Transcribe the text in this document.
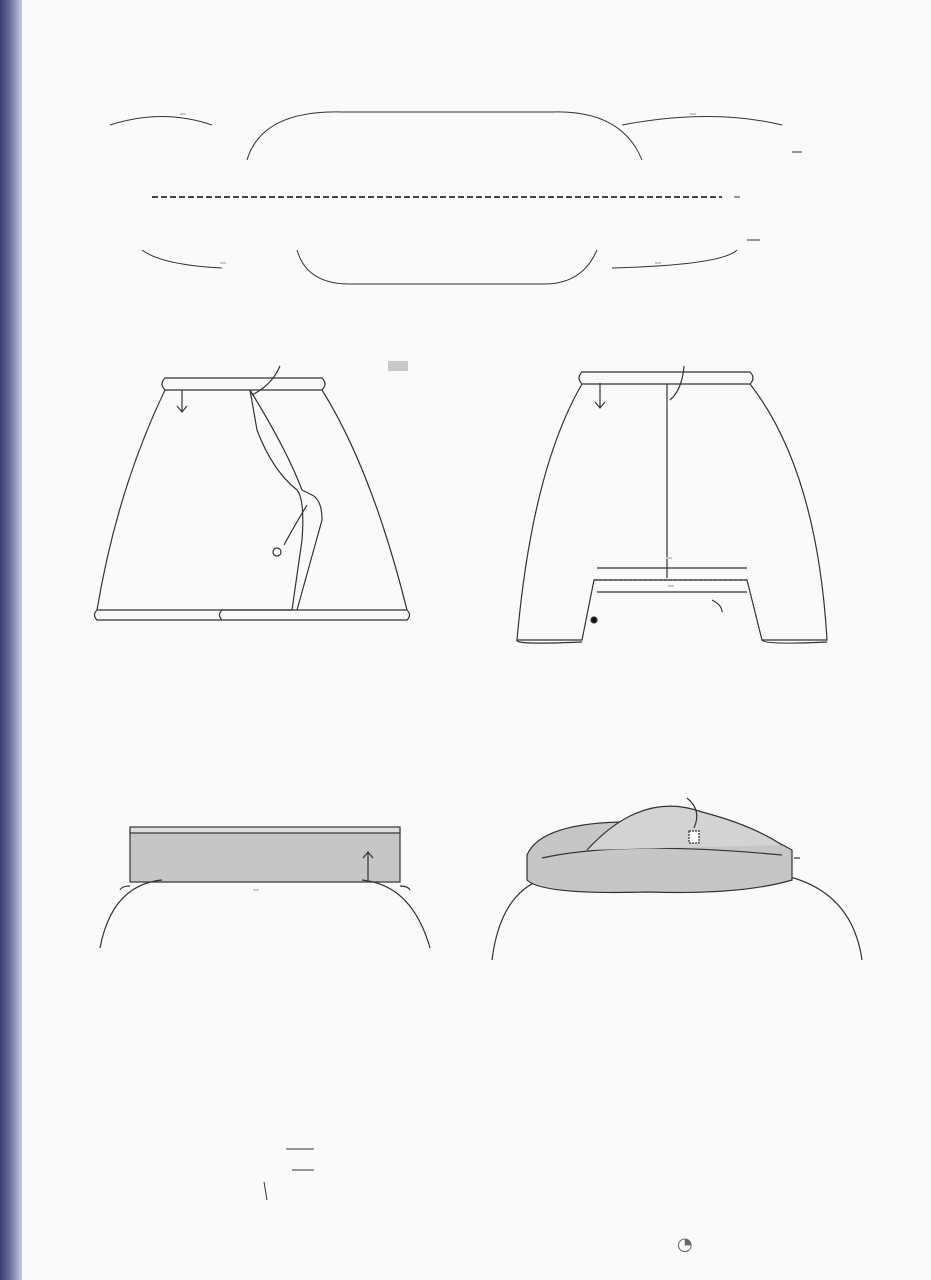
◔
